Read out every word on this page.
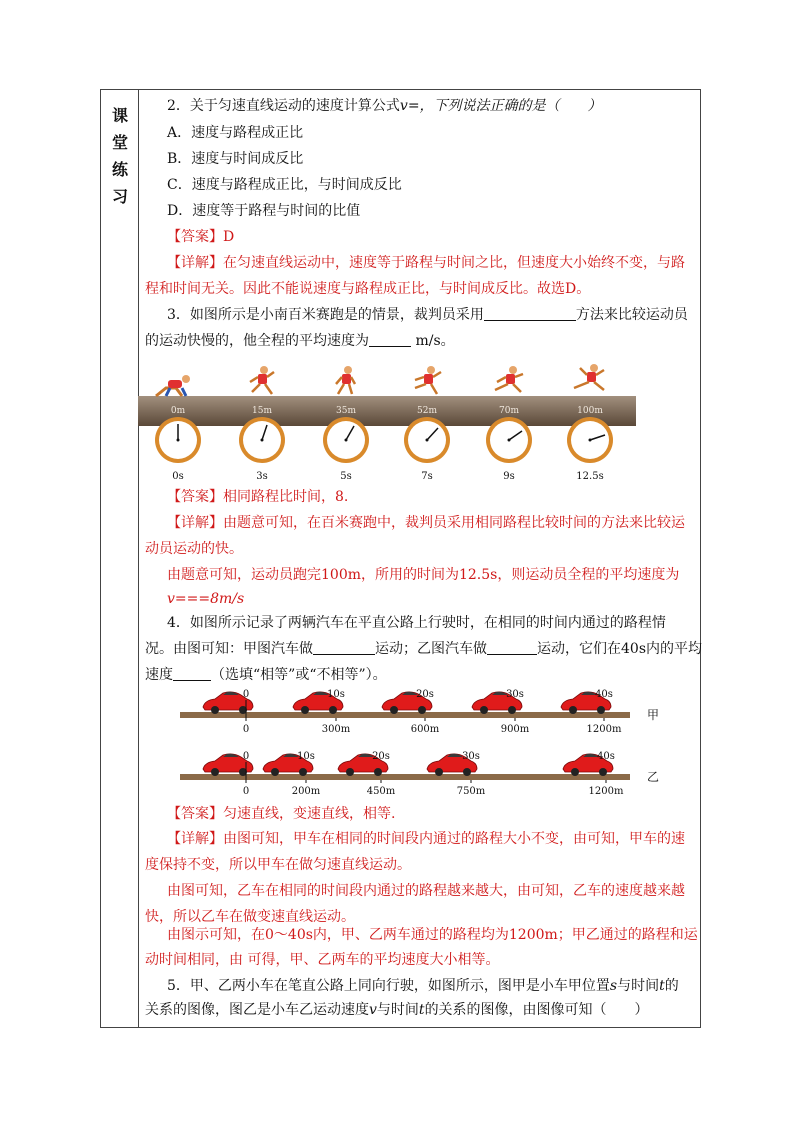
课
堂
练
习
2．关于匀速直线运动的速度计算公式v=，下列说法正确的是（　　）
A．速度与路程成正比
B．速度与时间成反比
C．速度与路程成正比，与时间成反比
D．速度等于路程与时间的比值
【答案】D
【详解】在匀速直线运动中，速度等于路程与时间之比，但速度大小始终不变，与路
程和时间无关。因此不能说速度与路程成正比，与时间成反比。故选D。
3．如图所示是小南百米赛跑是的情景，裁判员采用	方法来比较运动员
的运动快慢的，他全程的平均速度为	m/s。
0m	15m	35m	52m	70m	100m
0s	3s	5s	7s	9s	12.5s
【答案】相同路程比时间，8.
【详解】由题意可知，在百米赛跑中，裁判员采用相同路程比较时间的方法来比较运
动员运动的快。
由题意可知，运动员跑完100m，所用的时间为12.5s，则运动员全程的平均速度为
v===8m/s
4．如图所示记录了两辆汽车在平直公路上行驶时，在相同的时间内通过的路程情
况。由图可知：甲图汽车做	运动；乙图汽车做	运动，它们在40s内的平均
速度	（选填“相等”或“不相等”）。
0	10s	20s	30s	40s
0	300m	600m	900m	1200m
甲
0	10s	20s	30s	40s
0	200m	450m	750m	1200m
乙
【答案】匀速直线，变速直线，相等.
【详解】由图可知，甲车在相同的时间段内通过的路程大小不变，由可知，甲车的速
度保持不变，所以甲车在做匀速直线运动。
由图可知，乙车在相同的时间段内通过的路程越来越大，由可知，乙车的速度越来越
快，所以乙车在做变速直线运动。
由图示可知，在0～40s内，甲、乙两车通过的路程均为1200m；甲乙通过的路程和运
动时间相同，由 可得，甲、乙两车的平均速度大小相等。
5．甲、乙两小车在笔直公路上同向行驶，如图所示，图甲是小车甲位置s与时间t的
关系的图像，图乙是小车乙运动速度v与时间t的关系的图像，由图像可知（　　）
